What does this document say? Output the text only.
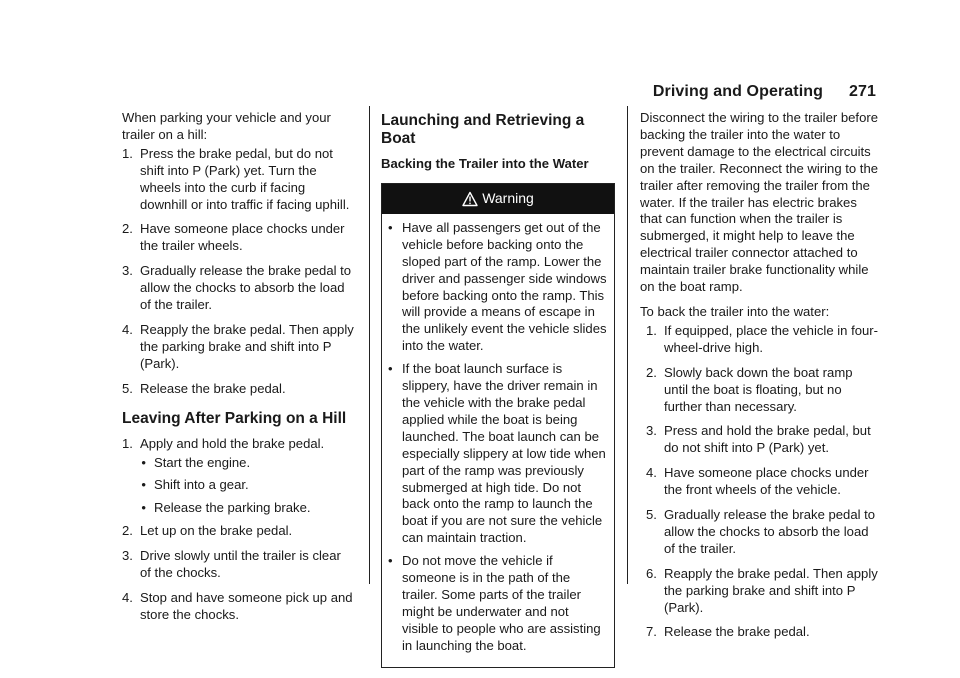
Driving and Operating 271

When parking your vehicle and your trailer on a hill:

1. Press the brake pedal, but do not shift into P (Park) yet. Turn the wheels into the curb if facing downhill or into traffic if facing uphill.
2. Have someone place chocks under the trailer wheels.
3. Gradually release the brake pedal to allow the chocks to absorb the load of the trailer.
4. Reapply the brake pedal. Then apply the parking brake and shift into P (Park).
5. Release the brake pedal.
Leaving After Parking on a Hill
1. Apply and hold the brake pedal.
• Start the engine.
• Shift into a gear.
• Release the parking brake.
2. Let up on the brake pedal.
3. Drive slowly until the trailer is clear of the chocks.
4. Stop and have someone pick up and store the chocks.
Launching and Retrieving a Boat
Backing the Trailer into the Water
Warning
• Have all passengers get out of the vehicle before backing onto the sloped part of the ramp. Lower the driver and passenger side windows before backing onto the ramp. This will provide a means of escape in the unlikely event the vehicle slides into the water.
• If the boat launch surface is slippery, have the driver remain in the vehicle with the brake pedal applied while the boat is being launched. The boat launch can be especially slippery at low tide when part of the ramp was previously submerged at high tide. Do not back onto the ramp to launch the boat if you are not sure the vehicle can maintain traction.
• Do not move the vehicle if someone is in the path of the trailer. Some parts of the trailer might be underwater and not visible to people who are assisting in launching the boat.

Disconnect the wiring to the trailer before backing the trailer into the water to prevent damage to the electrical circuits on the trailer. Reconnect the wiring to the trailer after removing the trailer from the water. If the trailer has electric brakes that can function when the trailer is submerged, it might help to leave the electrical trailer connector attached to maintain trailer brake functionality while on the boat ramp.

To back the trailer into the water:

1. If equipped, place the vehicle in four-wheel-drive high.
2. Slowly back down the boat ramp until the boat is floating, but no further than necessary.
3. Press and hold the brake pedal, but do not shift into P (Park) yet.
4. Have someone place chocks under the front wheels of the vehicle.
5. Gradually release the brake pedal to allow the chocks to absorb the load of the trailer.
6. Reapply the brake pedal. Then apply the parking brake and shift into P (Park).
7. Release the brake pedal.
